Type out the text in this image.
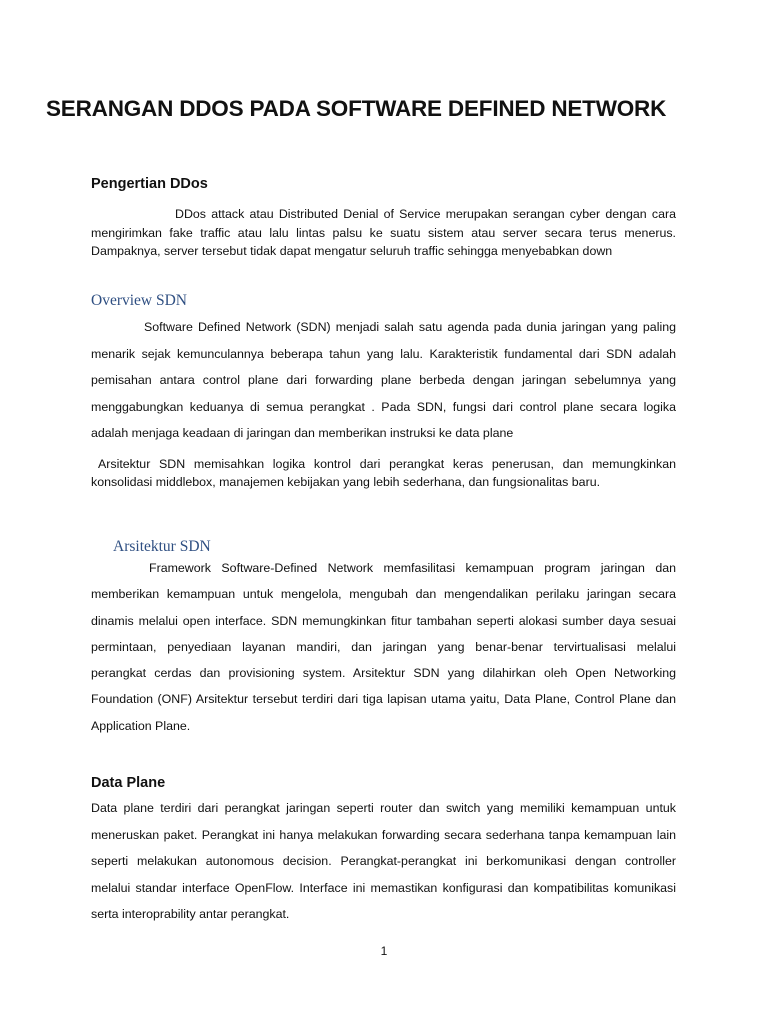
SERANGAN DDOS PADA SOFTWARE DEFINED NETWORK
Pengertian DDos
DDos attack atau Distributed Denial of Service merupakan serangan cyber dengan cara
mengirimkan fake traffic atau lalu lintas palsu ke suatu sistem atau server secara terus menerus.
Dampaknya, server tersebut tidak dapat mengatur seluruh traffic sehingga menyebabkan down
Overview SDN
Software Defined Network (SDN) menjadi salah satu agenda pada dunia jaringan yang paling
menarik sejak kemunculannya beberapa tahun yang lalu. Karakteristik fundamental dari SDN adalah
pemisahan antara control plane dari forwarding plane berbeda dengan jaringan sebelumnya yang
menggabungkan keduanya di semua perangkat . Pada SDN, fungsi dari control plane secara logika
adalah menjaga keadaan di jaringan dan memberikan instruksi ke data plane
Arsitektur SDN memisahkan logika kontrol dari perangkat keras penerusan, dan memungkinkan
konsolidasi middlebox, manajemen kebijakan yang lebih sederhana, dan fungsionalitas baru.
Arsitektur SDN
Framework Software-Defined Network memfasilitasi kemampuan program jaringan dan
memberikan kemampuan untuk mengelola, mengubah dan mengendalikan perilaku jaringan secara
dinamis melalui open interface. SDN memungkinkan fitur tambahan seperti alokasi sumber daya sesuai
permintaan, penyediaan layanan mandiri, dan jaringan yang benar-benar tervirtualisasi melalui
perangkat cerdas dan provisioning system. Arsitektur SDN yang dilahirkan oleh Open Networking
Foundation (ONF) Arsitektur tersebut terdiri dari tiga lapisan utama yaitu, Data Plane, Control Plane dan
Application Plane.
Data Plane
Data plane terdiri dari perangkat jaringan seperti router dan switch yang memiliki kemampuan untuk
meneruskan paket. Perangkat ini hanya melakukan forwarding secara sederhana tanpa kemampuan lain
seperti melakukan autonomous decision. Perangkat-perangkat ini berkomunikasi dengan controller
melalui standar interface OpenFlow. Interface ini memastikan konfigurasi dan kompatibilitas komunikasi
serta interoprability antar perangkat.
1
